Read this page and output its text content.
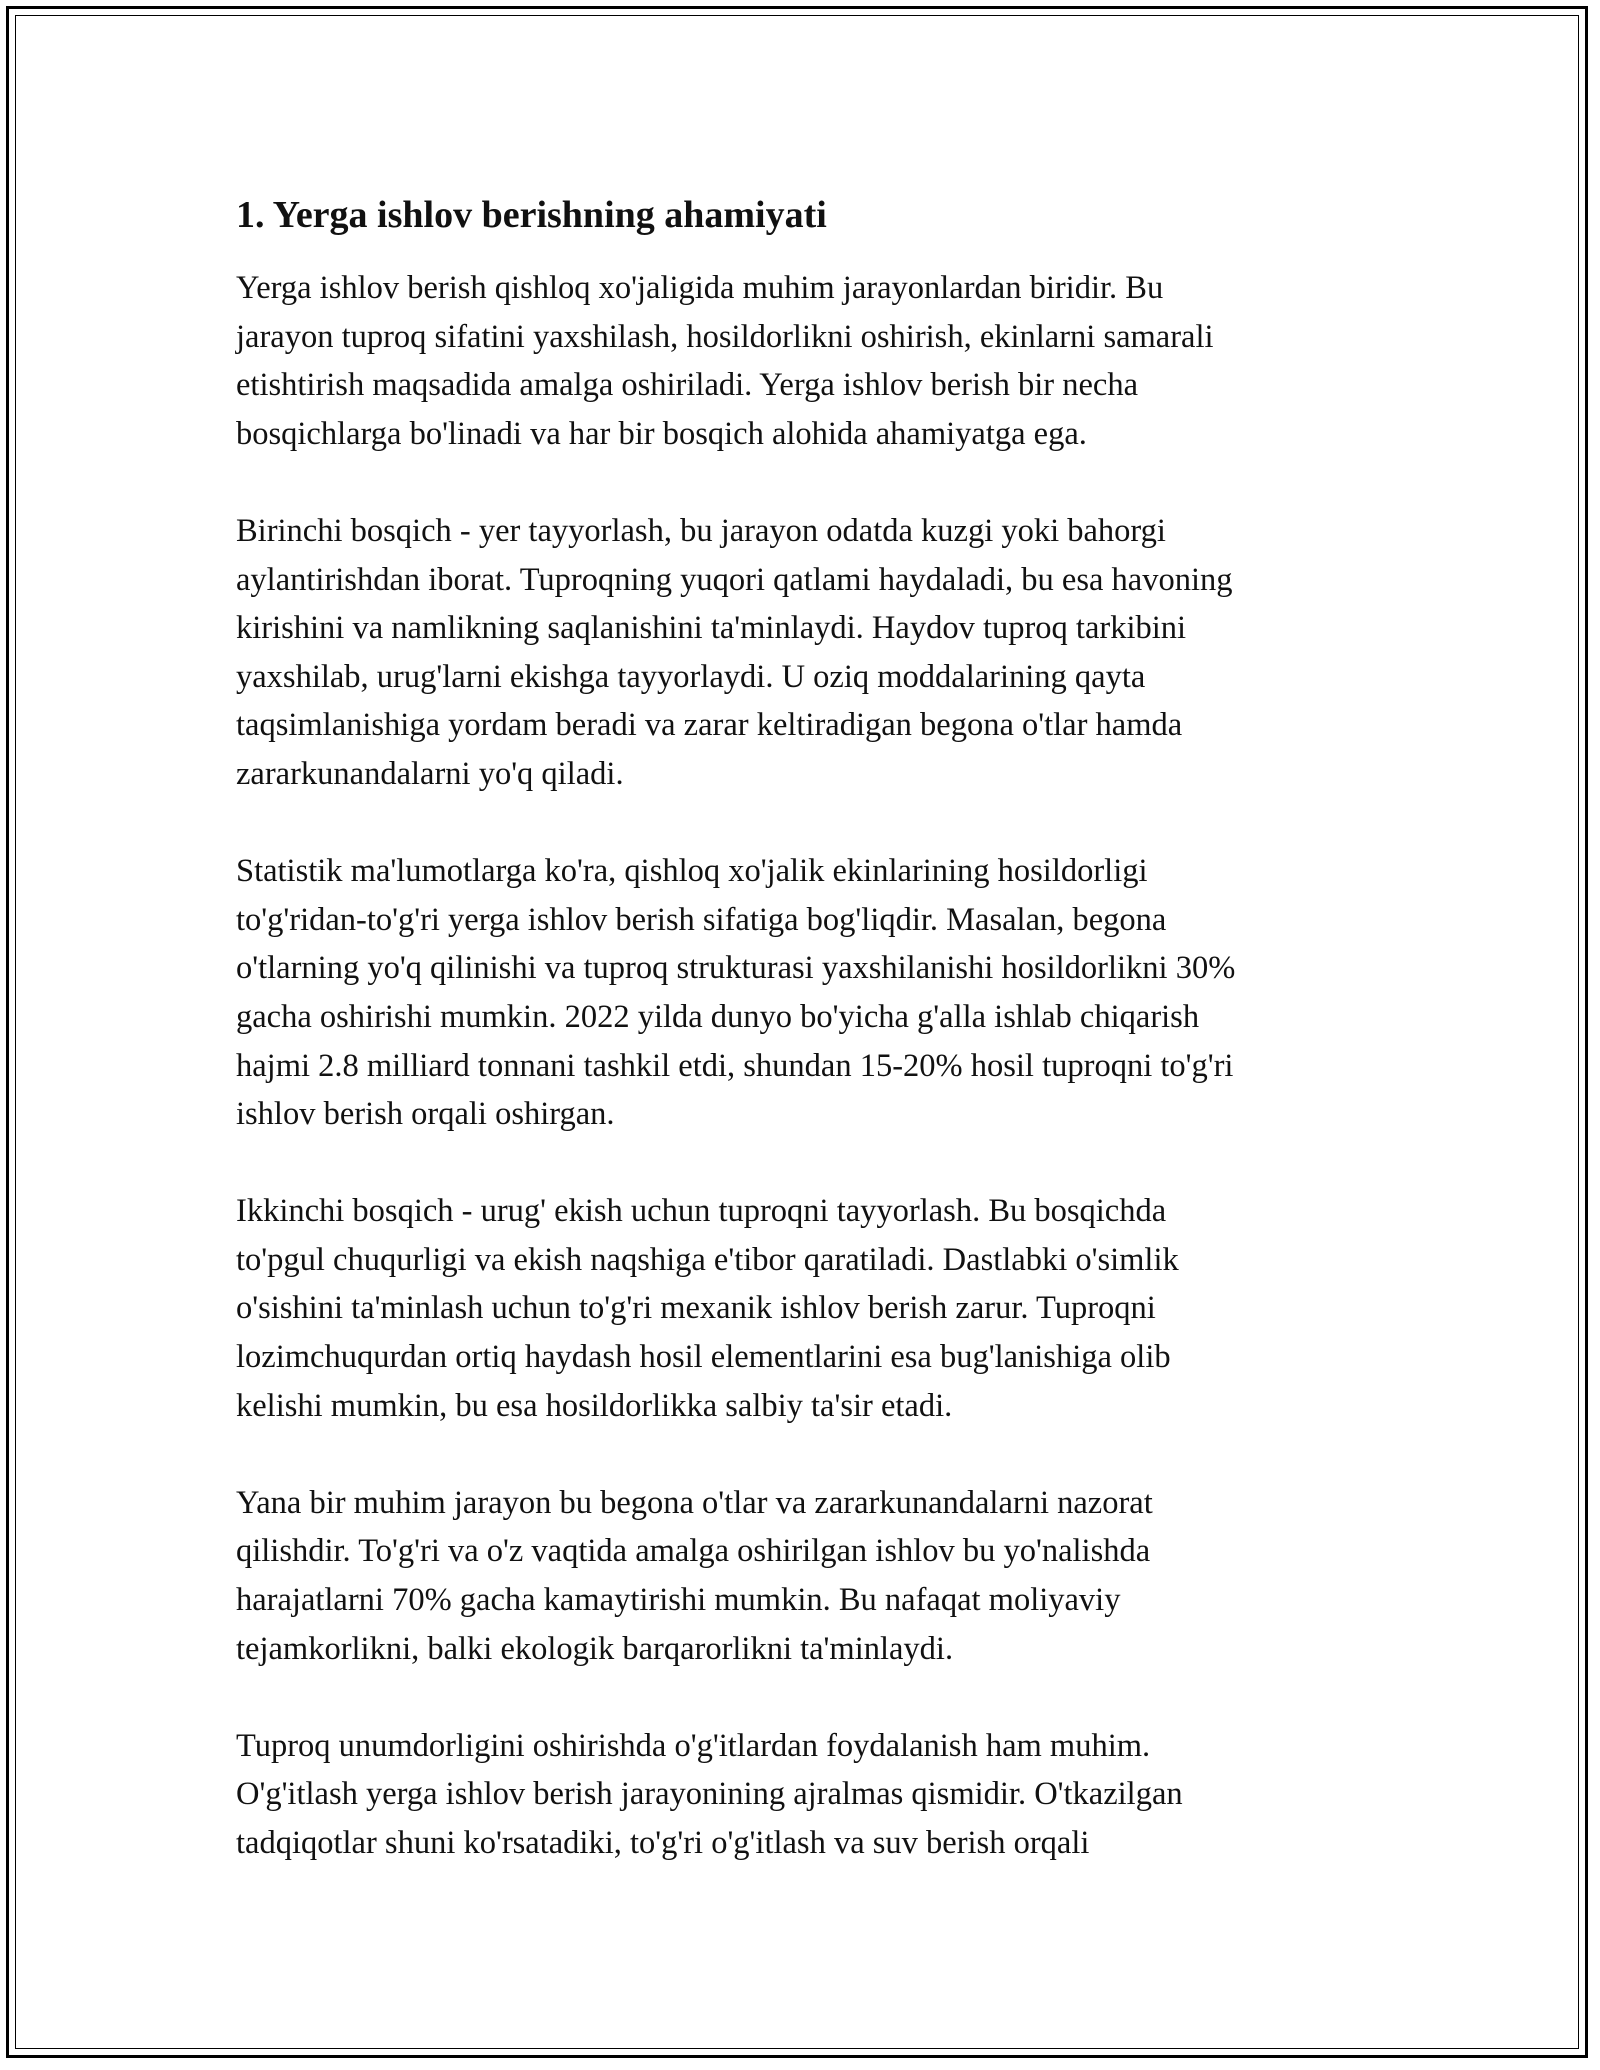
1. Yerga ishlov berishning ahamiyati

Yerga ishlov berish qishloq xo'jaligida muhim jarayonlardan biridir. Bu
jarayon tuproq sifatini yaxshilash, hosildorlikni oshirish, ekinlarni samarali
etishtirish maqsadida amalga oshiriladi. Yerga ishlov berish bir necha
bosqichlarga bo'linadi va har bir bosqich alohida ahamiyatga ega.

Birinchi bosqich - yer tayyorlash, bu jarayon odatda kuzgi yoki bahorgi
aylantirishdan iborat. Tuproqning yuqori qatlami haydaladi, bu esa havoning
kirishini va namlikning saqlanishini ta'minlaydi. Haydov tuproq tarkibini
yaxshilab, urug'larni ekishga tayyorlaydi. U oziq moddalarining qayta
taqsimlanishiga yordam beradi va zarar keltiradigan begona o'tlar hamda
zararkunandalarni yo'q qiladi.

Statistik ma'lumotlarga ko'ra, qishloq xo'jalik ekinlarining hosildorligi
to'g'ridan-to'g'ri yerga ishlov berish sifatiga bog'liqdir. Masalan, begona
o'tlarning yo'q qilinishi va tuproq strukturasi yaxshilanishi hosildorlikni 30%
gacha oshirishi mumkin. 2022 yilda dunyo bo'yicha g'alla ishlab chiqarish
hajmi 2.8 milliard tonnani tashkil etdi, shundan 15-20% hosil tuproqni to'g'ri
ishlov berish orqali oshirgan.

Ikkinchi bosqich - urug' ekish uchun tuproqni tayyorlash. Bu bosqichda
to'pgul chuqurligi va ekish naqshiga e'tibor qaratiladi. Dastlabki o'simlik
o'sishini ta'minlash uchun to'g'ri mexanik ishlov berish zarur. Tuproqni
lozimchuqurdan ortiq haydash hosil elementlarini esa bug'lanishiga olib
kelishi mumkin, bu esa hosildorlikka salbiy ta'sir etadi.

Yana bir muhim jarayon bu begona o'tlar va zararkunandalarni nazorat
qilishdir. To'g'ri va o'z vaqtida amalga oshirilgan ishlov bu yo'nalishda
harajatlarni 70% gacha kamaytirishi mumkin. Bu nafaqat moliyaviy
tejamkorlikni, balki ekologik barqarorlikni ta'minlaydi.

Tuproq unumdorligini oshirishda o'g'itlardan foydalanish ham muhim.
O'g'itlash yerga ishlov berish jarayonining ajralmas qismidir. O'tkazilgan
tadqiqotlar shuni ko'rsatadiki, to'g'ri o'g'itlash va suv berish orqali
